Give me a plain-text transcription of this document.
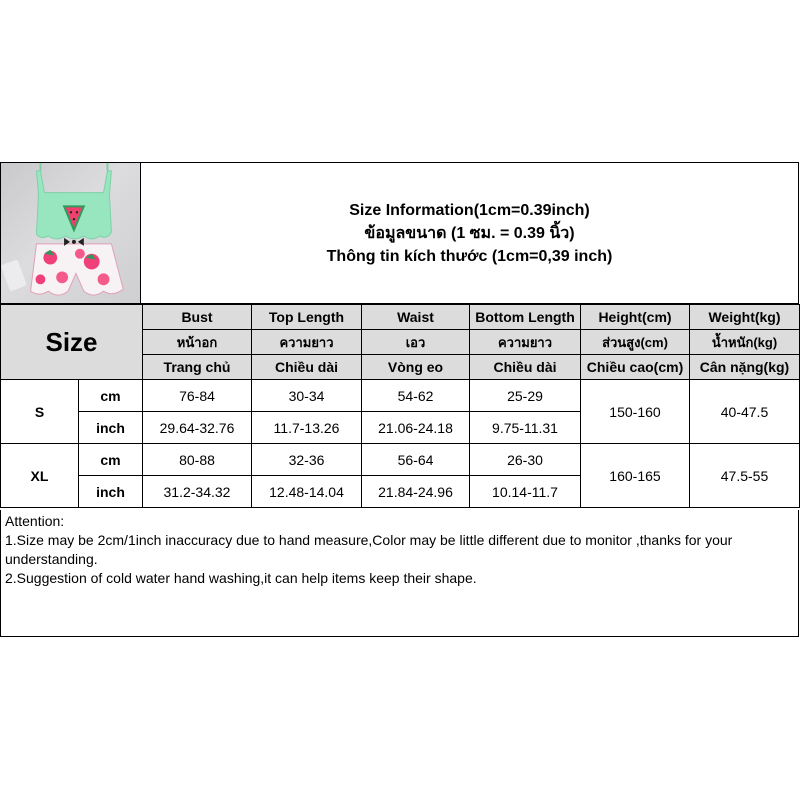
Size Information(1cm=0.39inch)
ข้อมูลขนาด (1 ซม. = 0.39 นิ้ว)
Thông tin kích thước (1cm=0,39 inch)
Size		Bust	Top Length	Waist	Bottom Length	Height(cm)	Weight(kg)
		หน้าอก	ความยาว	เอว	ความยาว	ส่วนสูง(cm)	น้ำหนัก(kg)
		Trang chủ	Chiều dài	Vòng eo	Chiều dài	Chiều cao(cm)	Cân nặng(kg)
S	cm	76-84	30-34	54-62	25-29	150-160	40-47.5
	inch	29.64-32.76	11.7-13.26	21.06-24.18	9.75-11.31		
XL	cm	80-88	32-36	56-64	26-30	160-165	47.5-55
	inch	31.2-34.32	12.48-14.04	21.84-24.96	10.14-11.7		

Attention:

1.Size may be 2cm/1inch inaccuracy due to hand measure,Color may be little different due to monitor ,thanks for your understanding.

2.Suggestion of cold water hand washing,it can help items keep their shape.
